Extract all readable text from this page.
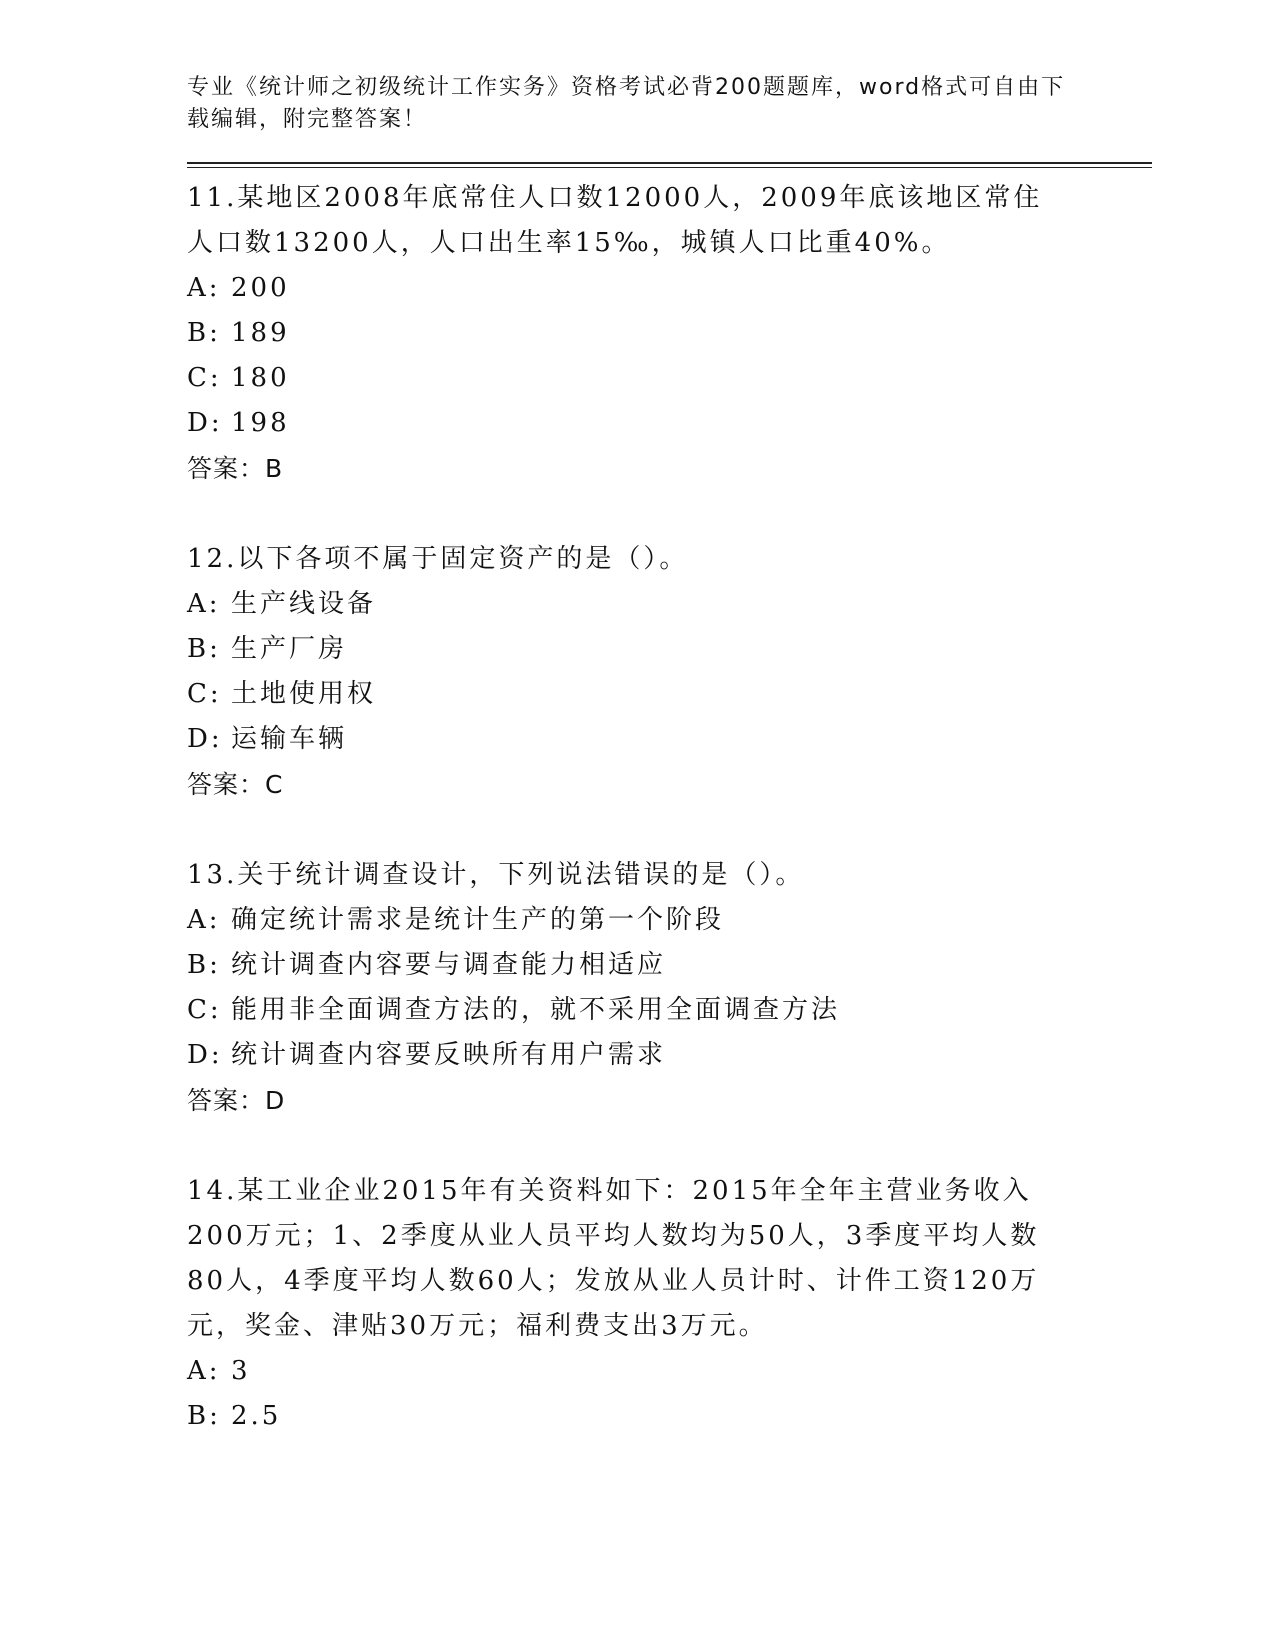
专业《统计师之初级统计工作实务》资格考试必背200题题库，word格式可自由下载编辑，附完整答案！

11.某地区2008年底常住人口数12000人，2009年底该地区常住人口数13200人，人口出生率15‰，城镇人口比重40%。

A: 200

B: 189

C: 180

D: 198

答案：B

12.以下各项不属于固定资产的是（）。

A: 生产线设备

B: 生产厂房

C: 土地使用权

D: 运输车辆

答案：C

13.关于统计调查设计，下列说法错误的是（）。

A: 确定统计需求是统计生产的第一个阶段

B: 统计调查内容要与调查能力相适应

C: 能用非全面调查方法的，就不采用全面调查方法

D: 统计调查内容要反映所有用户需求

答案：D

14.某工业企业2015年有关资料如下：2015年全年主营业务收入200万元；1、2季度从业人员平均人数均为50人，3季度平均人数80人，4季度平均人数60人；发放从业人员计时、计件工资120万元，奖金、津贴30万元；福利费支出3万元。

A: 3

B: 2.5
